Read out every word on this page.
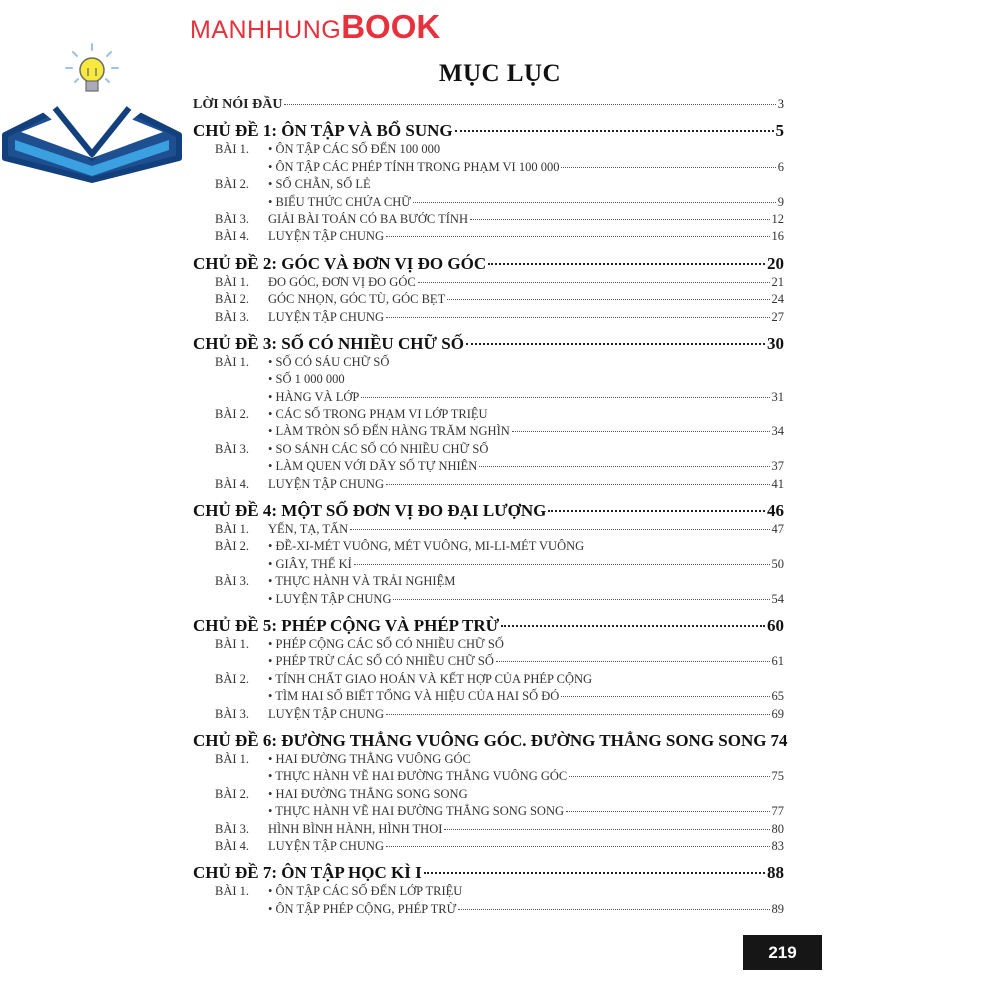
MỤC LỤC
LỜI NÓI ĐẦU	3
CHỦ ĐỀ 1: ÔN TẬP VÀ BỔ SUNG	5
BÀI 1.	• ÔN TẬP CÁC SỐ ĐẾN 100 000
• ÔN TẬP CÁC PHÉP TÍNH TRONG PHẠM VI 100 000	6
BÀI 2.	• SỐ CHẴN, SỐ LẺ
• BIỂU THỨC CHỨA CHỮ	9
BÀI 3.	GIẢI BÀI TOÁN CÓ BA BƯỚC TÍNH	12
BÀI 4.	LUYỆN TẬP CHUNG	16
CHỦ ĐỀ 2: GÓC VÀ ĐƠN VỊ ĐO GÓC	20
BÀI 1.	ĐO GÓC, ĐƠN VỊ ĐO GÓC	21
BÀI 2.	GÓC NHỌN, GÓC TÙ, GÓC BẸT	24
BÀI 3.	LUYỆN TẬP CHUNG	27
CHỦ ĐỀ 3: SỐ CÓ NHIỀU CHỮ SỐ	30
BÀI 1.	• SỐ CÓ SÁU CHỮ SỐ
• SỐ 1 000 000
• HÀNG VÀ LỚP	31
BÀI 2.	• CÁC SỐ TRONG PHẠM VI LỚP TRIỆU
• LÀM TRÒN SỐ ĐẾN HÀNG TRĂM NGHÌN	34
BÀI 3.	• SO SÁNH CÁC SỐ CÓ NHIỀU CHỮ SỐ
• LÀM QUEN VỚI DÃY SỐ TỰ NHIÊN	37
BÀI 4.	LUYỆN TẬP CHUNG	41
CHỦ ĐỀ 4: MỘT SỐ ĐƠN VỊ ĐO ĐẠI LƯỢNG	46
BÀI 1.	YẾN, TẠ, TẤN	47
BÀI 2.	• ĐỀ-XI-MÉT VUÔNG, MÉT VUÔNG, MI-LI-MÉT VUÔNG
• GIÂY, THẾ KỈ	50
BÀI 3.	• THỰC HÀNH VÀ TRẢI NGHIỆM
• LUYỆN TẬP CHUNG	54
CHỦ ĐỀ 5: PHÉP CỘNG VÀ PHÉP TRỪ	60
BÀI 1.	• PHÉP CỘNG CÁC SỐ CÓ NHIỀU CHỮ SỐ
• PHÉP TRỪ CÁC SỐ CÓ NHIỀU CHỮ SỐ	61
BÀI 2.	• TÍNH CHẤT GIAO HOÁN VÀ KẾT HỢP CỦA PHÉP CỘNG
• TÌM HAI SỐ BIẾT TỔNG VÀ HIỆU CỦA HAI SỐ ĐÓ	65
BÀI 3.	LUYỆN TẬP CHUNG	69
CHỦ ĐỀ 6: ĐƯỜNG THẲNG VUÔNG GÓC. ĐƯỜNG THẲNG SONG SONG 74
BÀI 1.	• HAI ĐƯỜNG THẲNG VUÔNG GÓC
• THỰC HÀNH VẼ HAI ĐƯỜNG THẲNG VUÔNG GÓC	75
BÀI 2.	• HAI ĐƯỜNG THẲNG SONG SONG
• THỰC HÀNH VẼ HAI ĐƯỜNG THẲNG SONG SONG	77
BÀI 3.	HÌNH BÌNH HÀNH, HÌNH THOI	80
BÀI 4.	LUYỆN TẬP CHUNG	83
CHỦ ĐỀ 7: ÔN TẬP HỌC KÌ I	88
BÀI 1.	• ÔN TẬP CÁC SỐ ĐẾN LỚP TRIỆU
• ÔN TẬP PHÉP CỘNG, PHÉP TRỪ	89
219
MANHHUNGBOOK
